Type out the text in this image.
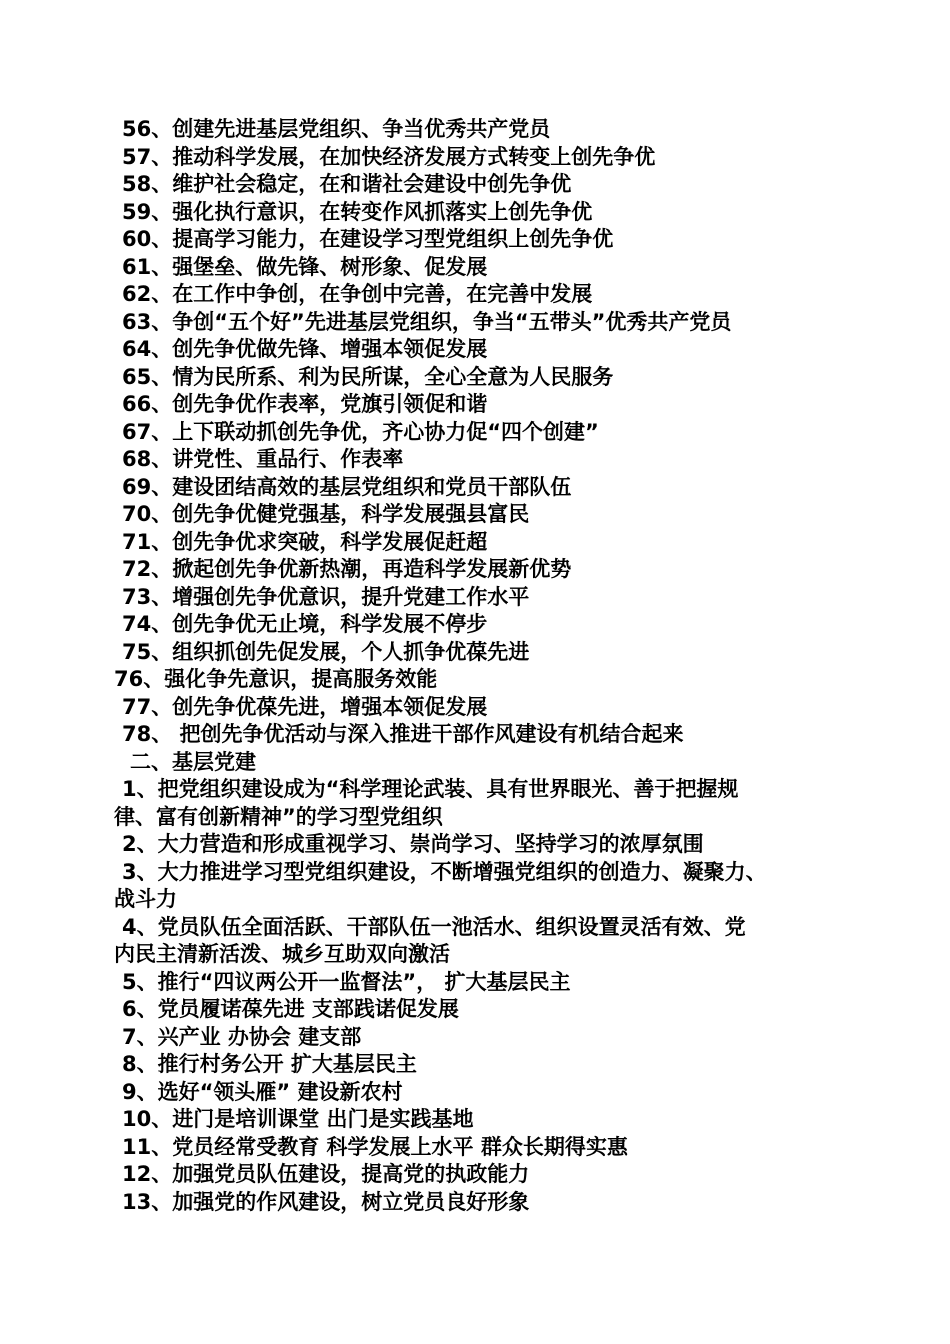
56、创建先进基层党组织、争当优秀共产党员
57、推动科学发展，在加快经济发展方式转变上创先争优
58、维护社会稳定，在和谐社会建设中创先争优
59、强化执行意识，在转变作风抓落实上创先争优
60、提高学习能力，在建设学习型党组织上创先争优
61、强堡垒、做先锋、树形象、促发展
62、在工作中争创，在争创中完善，在完善中发展
63、争创“五个好”先进基层党组织，争当“五带头”优秀共产党员
64、创先争优做先锋、增强本领促发展
65、情为民所系、利为民所谋，全心全意为人民服务
66、创先争优作表率，党旗引领促和谐
67、上下联动抓创先争优，齐心协力促“四个创建”
68、讲党性、重品行、作表率
69、建设团结高效的基层党组织和党员干部队伍
70、创先争优健党强基，科学发展强县富民
71、创先争优求突破，科学发展促赶超
72、掀起创先争优新热潮，再造科学发展新优势
73、增强创先争优意识，提升党建工作水平
74、创先争优无止境，科学发展不停步
75、组织抓创先促发展，个人抓争优葆先进
76、强化争先意识，提高服务效能
77、创先争优葆先进，增强本领促发展
78、 把创先争优活动与深入推进干部作风建设有机结合起来
二、基层党建
1、把党组织建设成为“科学理论武装、具有世界眼光、善于把握规
律、富有创新精神”的学习型党组织
2、大力营造和形成重视学习、崇尚学习、坚持学习的浓厚氛围
3、大力推进学习型党组织建设，不断增强党组织的创造力、凝聚力、
战斗力
4、党员队伍全面活跃、干部队伍一池活水、组织设置灵活有效、党
内民主清新活泼、城乡互助双向激活
5、推行“四议两公开一监督法”， 扩大基层民主
6、党员履诺葆先进 支部践诺促发展
7、兴产业 办协会 建支部
8、推行村务公开 扩大基层民主
9、选好“领头雁” 建设新农村
10、进门是培训课堂 出门是实践基地
11、党员经常受教育 科学发展上水平 群众长期得实惠
12、加强党员队伍建设，提高党的执政能力
13、加强党的作风建设，树立党员良好形象
